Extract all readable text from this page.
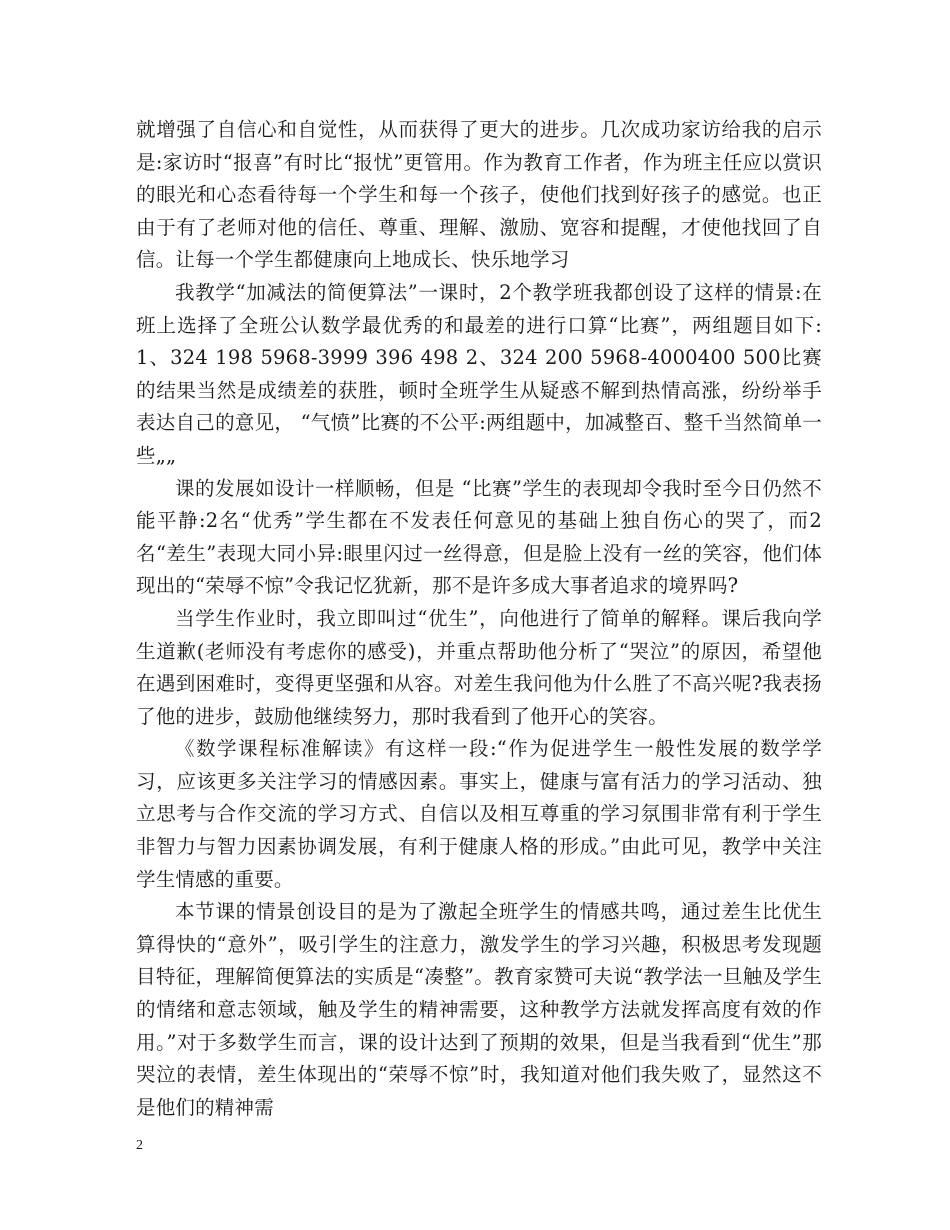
就增强了自信心和自觉性，从而获得了更大的进步。几次成功家访给我的启示是:家访时“报喜”有时比“报忧”更管用。作为教育工作者，作为班主任应以赏识的眼光和心态看待每一个学生和每一个孩子，使他们找到好孩子的感觉。也正由于有了老师对他的信任、尊重、理解、激励、宽容和提醒，才使他找回了自信。让每一个学生都健康向上地成长、快乐地学习

我教学“加减法的简便算法”一课时，2个教学班我都创设了这样的情景:在班上选择了全班公认数学最优秀的和最差的进行口算“比赛”，两组题目如下:1、324 198 5968-3999 396 498 2、324 200 5968-4000400 500比赛的结果当然是成绩差的获胜，顿时全班学生从疑惑不解到热情高涨，纷纷举手表达自己的意见， “气愤”比赛的不公平:两组题中，加减整百、整千当然简单一些„„

课的发展如设计一样顺畅，但是 “比赛”学生的表现却令我时至今日仍然不能平静:2名“优秀”学生都在不发表任何意见的基础上独自伤心的哭了，而2名“差生”表现大同小异:眼里闪过一丝得意，但是脸上没有一丝的笑容，他们体现出的“荣辱不惊”令我记忆犹新，那不是许多成大事者追求的境界吗?

当学生作业时，我立即叫过“优生”，向他进行了简单的解释。课后我向学生道歉(老师没有考虑你的感受)，并重点帮助他分析了“哭泣”的原因，希望他在遇到困难时，变得更坚强和从容。对差生我问他为什么胜了不高兴呢?我表扬了他的进步，鼓励他继续努力，那时我看到了他开心的笑容。

《数学课程标准解读》有这样一段:“作为促进学生一般性发展的数学学习，应该更多关注学习的情感因素。事实上，健康与富有活力的学习活动、独立思考与合作交流的学习方式、自信以及相互尊重的学习氛围非常有利于学生非智力与智力因素协调发展，有利于健康人格的形成。”由此可见，教学中关注学生情感的重要。

本节课的情景创设目的是为了激起全班学生的情感共鸣，通过差生比优生算得快的“意外”，吸引学生的注意力，激发学生的学习兴趣，积极思考发现题目特征，理解简便算法的实质是“凑整”。教育家赞可夫说“教学法一旦触及学生的情绪和意志领域，触及学生的精神需要，这种教学方法就发挥高度有效的作用。”对于多数学生而言，课的设计达到了预期的效果，但是当我看到“优生”那哭泣的表情，差生体现出的“荣辱不惊”时，我知道对他们我失败了，显然这不是他们的精神需

2
